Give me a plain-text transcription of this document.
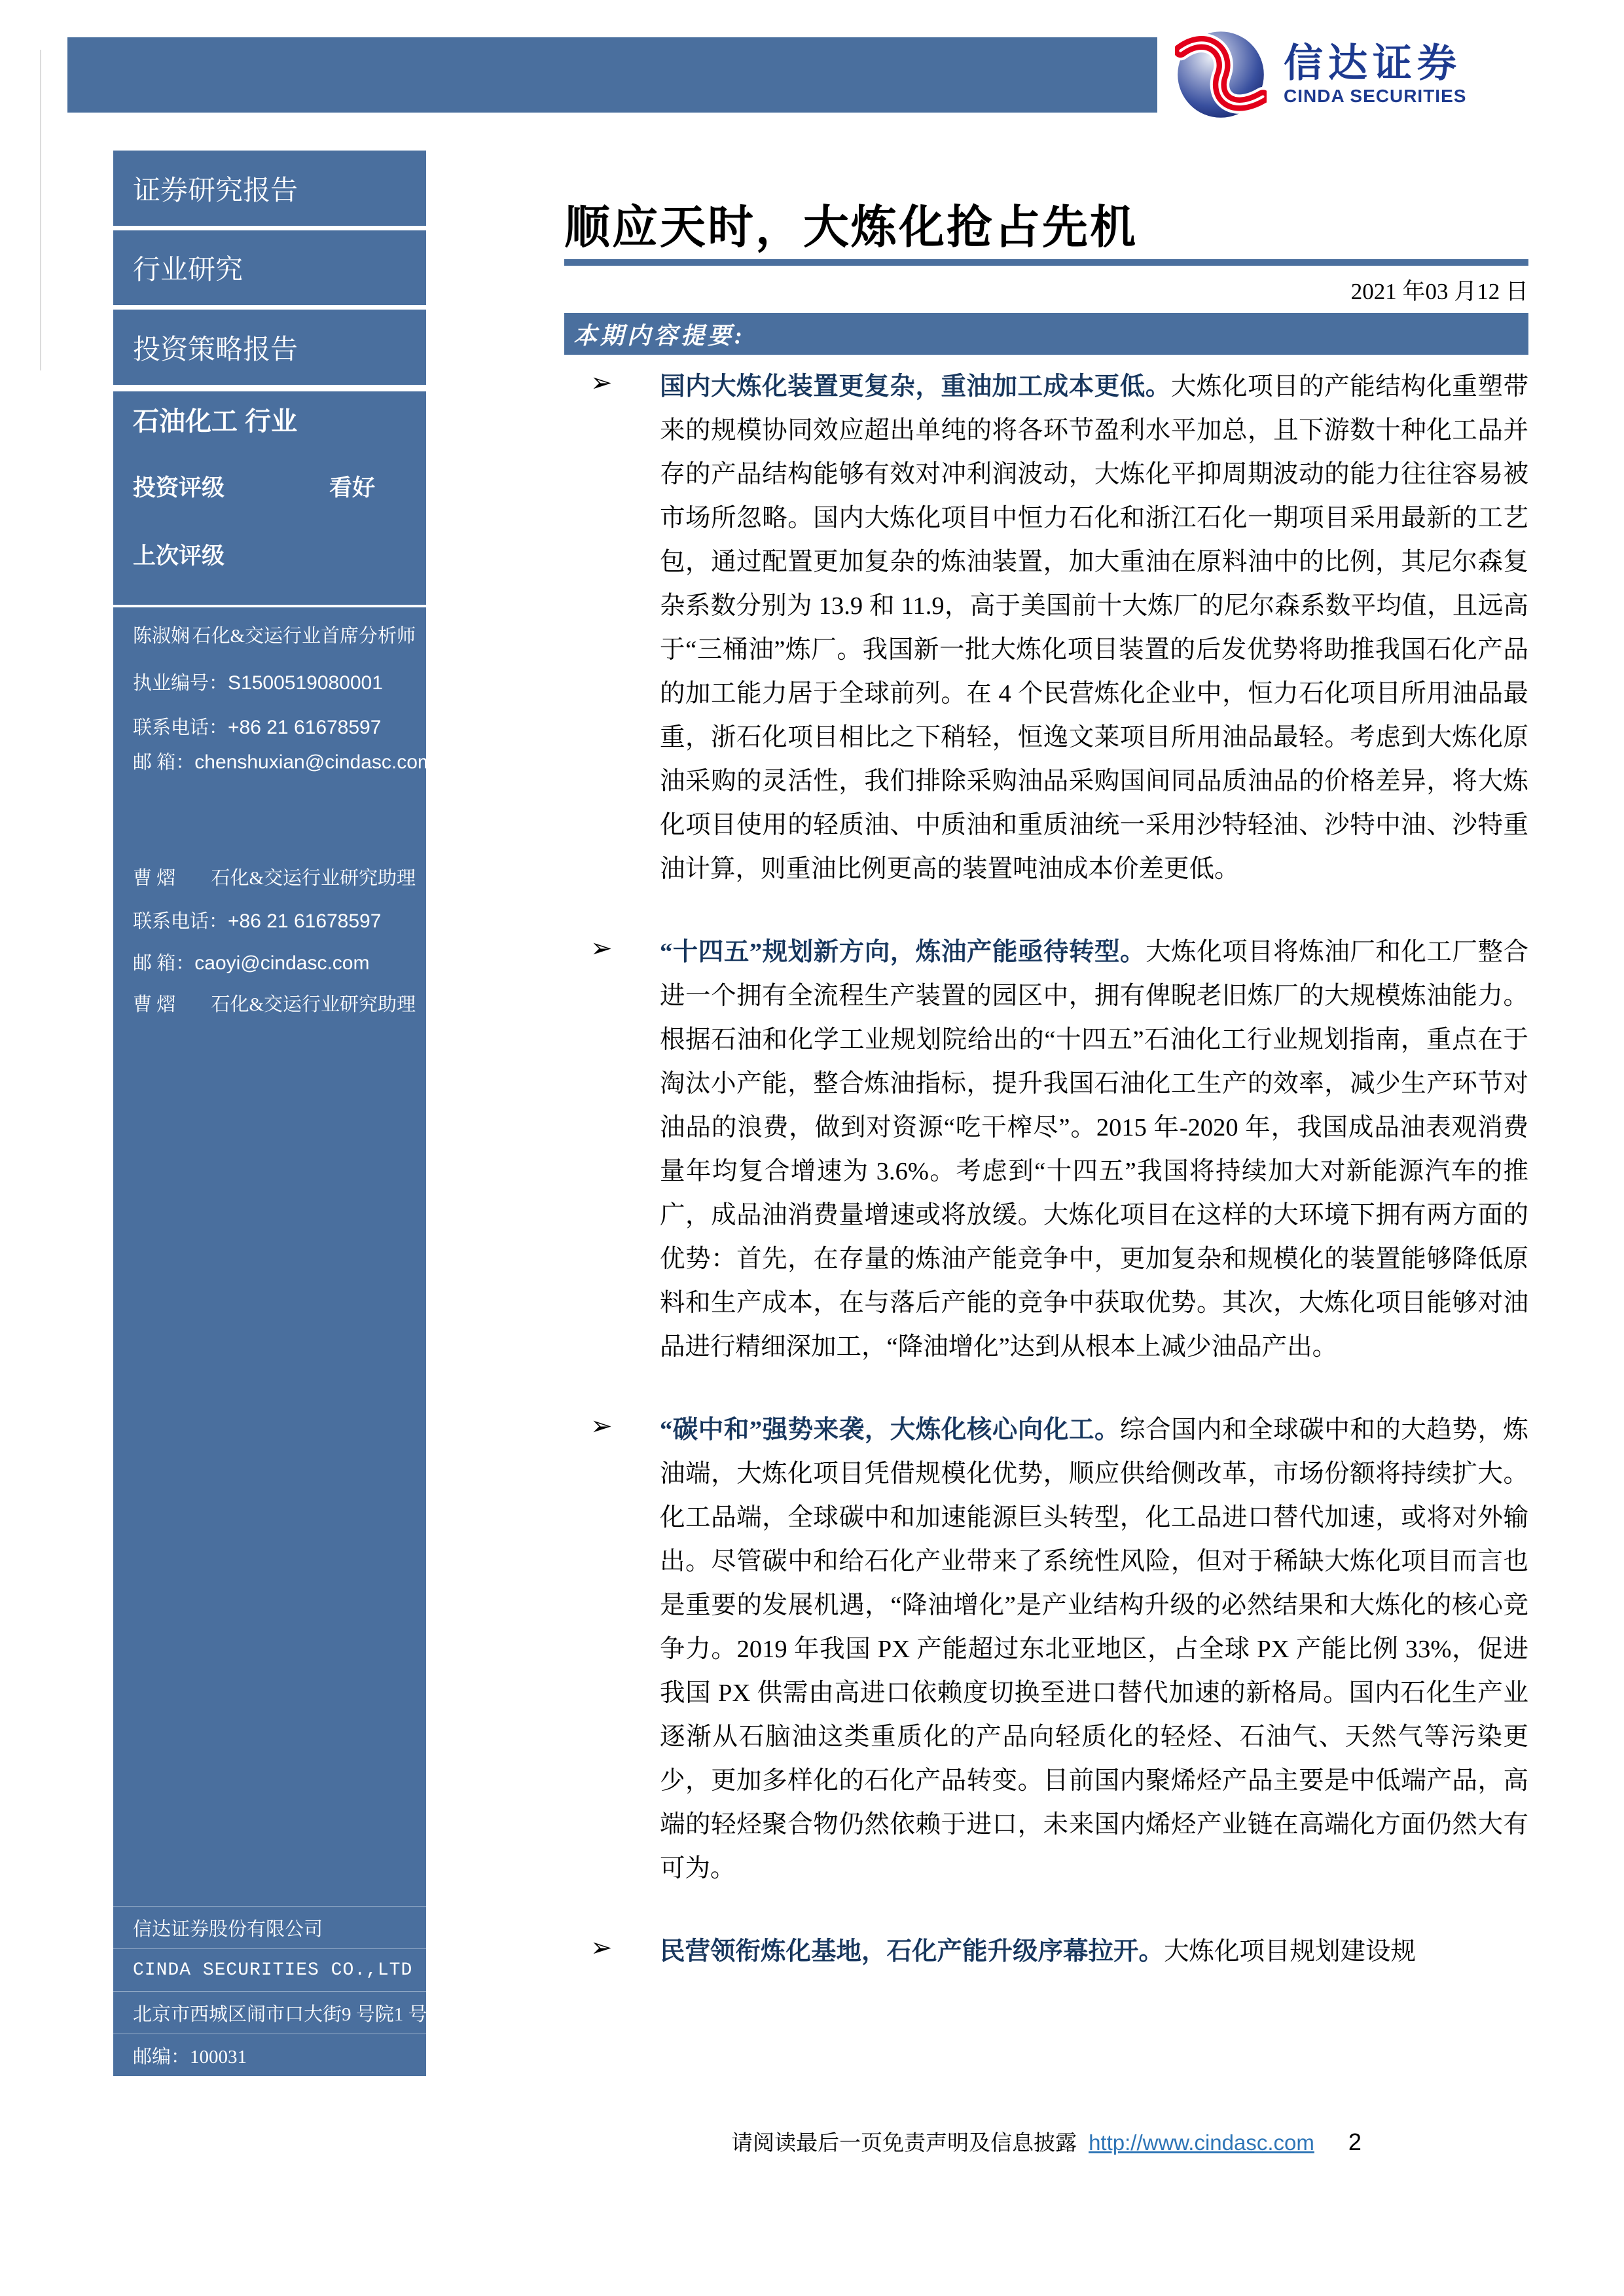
信达证券
CINDA SECURITIES
证券研究报告
行业研究
投资策略报告
石油化工 行业
投资评级	看好
上次评级
陈淑娴 石化&交运行业首席分析师
执业编号：S1500519080001
联系电话：+86 21 61678597
邮 箱：chenshuxian@cindasc.com
曹 熠 石化&交运行业研究助理
联系电话：+86 21 61678597
邮 箱：caoyi@cindasc.com
曹 熠 石化&交运行业研究助理
信达证券股份有限公司
CINDA SECURITIES CO.,LTD
北京市西城区闹市口大街9 号院1 号楼
邮编：100031
顺应天时，大炼化抢占先机
2021 年03 月12 日
本期内容提要:
➢ 国内大炼化装置更复杂，重油加工成本更低。大炼化项目的产能结构化重塑带来的规模协同效应超出单纯的将各环节盈利水平加总，且下游数十种化工品并存的产品结构能够有效对冲利润波动，大炼化平抑周期波动的能力往往容易被市场所忽略。国内大炼化项目中恒力石化和浙江石化一期项目采用最新的工艺包，通过配置更加复杂的炼油装置，加大重油在原料油中的比例，其尼尔森复杂系数分别为 13.9 和 11.9，高于美国前十大炼厂的尼尔森系数平均值，且远高于“三桶油”炼厂。我国新一批大炼化项目装置的后发优势将助推我国石化产品的加工能力居于全球前列。在 4 个民营炼化企业中，恒力石化项目所用油品最重，浙石化项目相比之下稍轻，恒逸文莱项目所用油品最轻。考虑到大炼化原油采购的灵活性，我们排除采购油品采购国间同品质油品的价格差异，将大炼化项目使用的轻质油、中质油和重质油统一采用沙特轻油、沙特中油、沙特重油计算，则重油比例更高的装置吨油成本价差更低。

➢ “十四五”规划新方向，炼油产能亟待转型。大炼化项目将炼油厂和化工厂整合进一个拥有全流程生产装置的园区中，拥有俾睨老旧炼厂的大规模炼油能力。根据石油和化学工业规划院给出的“十四五”石油化工行业规划指南，重点在于淘汰小产能，整合炼油指标，提升我国石油化工生产的效率，减少生产环节对油品的浪费，做到对资源“吃干榨尽”。2015 年-2020 年，我国成品油表观消费量年均复合增速为 3.6%。考虑到“十四五”我国将持续加大对新能源汽车的推广，成品油消费量增速或将放缓。大炼化项目在这样的大环境下拥有两方面的优势：首先，在存量的炼油产能竞争中，更加复杂和规模化的装置能够降低原料和生产成本，在与落后产能的竞争中获取优势。其次，大炼化项目能够对油品进行精细深加工，“降油增化”达到从根本上减少油品产出。

➢ “碳中和”强势来袭，大炼化核心向化工。综合国内和全球碳中和的大趋势，炼油端，大炼化项目凭借规模化优势，顺应供给侧改革，市场份额将持续扩大。化工品端，全球碳中和加速能源巨头转型，化工品进口替代加速，或将对外输出。尽管碳中和给石化产业带来了系统性风险，但对于稀缺大炼化项目而言也是重要的发展机遇，“降油增化”是产业结构升级的必然结果和大炼化的核心竞争力。2019 年我国 PX 产能超过东北亚地区，占全球 PX 产能比例 33%，促进我国 PX 供需由高进口依赖度切换至进口替代加速的新格局。国内石化生产业逐渐从石脑油这类重质化的产品向轻质化的轻烃、石油气、天然气等污染更少，更加多样化的石化产品转变。目前国内聚烯烃产品主要是中低端产品，高端的轻烃聚合物仍然依赖于进口，未来国内烯烃产业链在高端化方面仍然大有可为。

➢ 民营领衔炼化基地，石化产能升级序幕拉开。大炼化项目规划建设规

请阅读最后一页免责声明及信息披露 http://www.cindasc.com 2
